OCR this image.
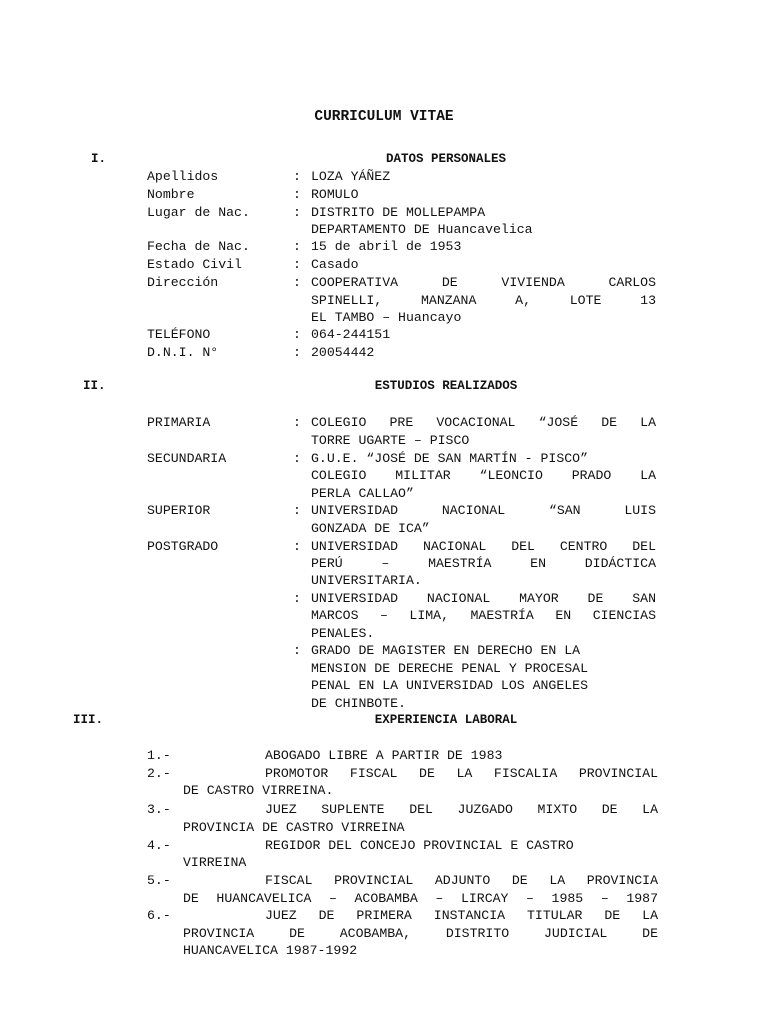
CURRICULUM VITAE
I.	DATOS PERSONALES
Apellidos	: LOZA YÁÑEZ
Nombre	: ROMULO
Lugar de Nac.	: DISTRITO DE MOLLEPAMPA
DEPARTAMENTO DE Huancavelica
Fecha de Nac.	: 15 de abril de 1953
Estado Civil	: Casado
Dirección	: COOPERATIVA DE VIVIENDA CARLOS
SPINELLI, MANZANA A, LOTE 13
EL TAMBO – Huancayo
TELÉFONO	: 064-244151
D.N.I. N°	: 20054442
II.	ESTUDIOS REALIZADOS
PRIMARIA	: COLEGIO PRE VOCACIONAL “JOSÉ DE LA
TORRE UGARTE – PISCO
SECUNDARIA	: G.U.E. “JOSÉ DE SAN MARTÍN - PISCO”
COLEGIO MILITAR “LEONCIO PRADO LA
PERLA CALLAO”
SUPERIOR	: UNIVERSIDAD NACIONAL “SAN LUIS
GONZADA DE ICA”
POSTGRADO	: UNIVERSIDAD NACIONAL DEL CENTRO DEL
PERÚ – MAESTRÍA EN DIDÁCTICA
UNIVERSITARIA.
: UNIVERSIDAD NACIONAL MAYOR DE SAN
MARCOS – LIMA, MAESTRÍA EN CIENCIAS
PENALES.
: GRADO DE MAGISTER EN DERECHO EN LA
MENSION DE DERECHE PENAL Y PROCESAL
PENAL EN LA UNIVERSIDAD LOS ANGELES
DE CHINBOTE.
III.	EXPERIENCIA LABORAL
1.-	ABOGADO LIBRE A PARTIR DE 1983
2.-	PROMOTOR FISCAL DE LA FISCALIA PROVINCIAL
DE CASTRO VIRREINA.
3.-	JUEZ SUPLENTE DEL JUZGADO MIXTO DE LA
PROVINCIA DE CASTRO VIRREINA
4.-	REGIDOR DEL CONCEJO PROVINCIAL E CASTRO
VIRREINA
5.-	FISCAL PROVINCIAL ADJUNTO DE LA PROVINCIA
DE HUANCAVELICA – ACOBAMBA – LIRCAY – 1985 – 1987
6.-	JUEZ DE PRIMERA INSTANCIA TITULAR DE LA
PROVINCIA DE ACOBAMBA, DISTRITO JUDICIAL DE
HUANCAVELICA 1987-1992
